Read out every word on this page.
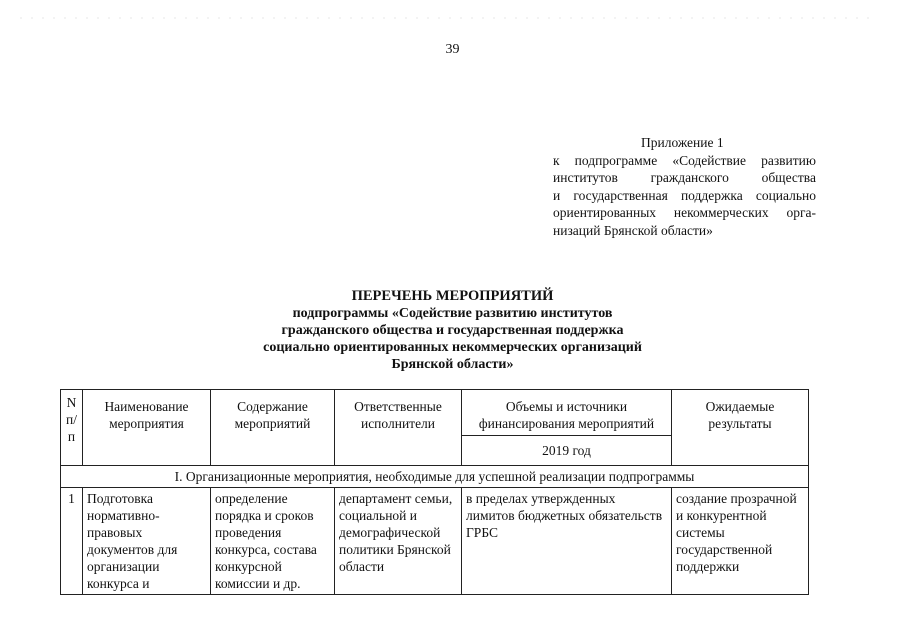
39
Приложение 1
к подпрограмме «Содействие развитию
институтов гражданского общества
и государственная поддержка социально
ориентированных некоммерческих орга-
низаций Брянской области»
ПЕРЕЧЕНЬ МЕРОПРИЯТИЙ
подпрограммы «Содействие развитию институтов
гражданского общества и государственная поддержка
социально ориентированных некоммерческих организаций
Брянской области»
N п/ п	Наименование мероприятия	Содержание мероприятий	Ответственные исполнители	Объемы и источники финансирования мероприятий	Ожидаемые результаты
				2019 год	
I. Организационные мероприятия, необходимые для успешной реализации подпрограммы					
1	Подготовка нормативно-правовых документов для организации конкурса и	определение порядка и сроков проведения конкурса, состава конкурсной комиссии и др.	департамент семьи, социальной и демографической политики Брянской области	в пределах утвержденных лимитов бюджетных обязательств ГРБС	создание прозрачной и конкурентной системы государственной поддержки
